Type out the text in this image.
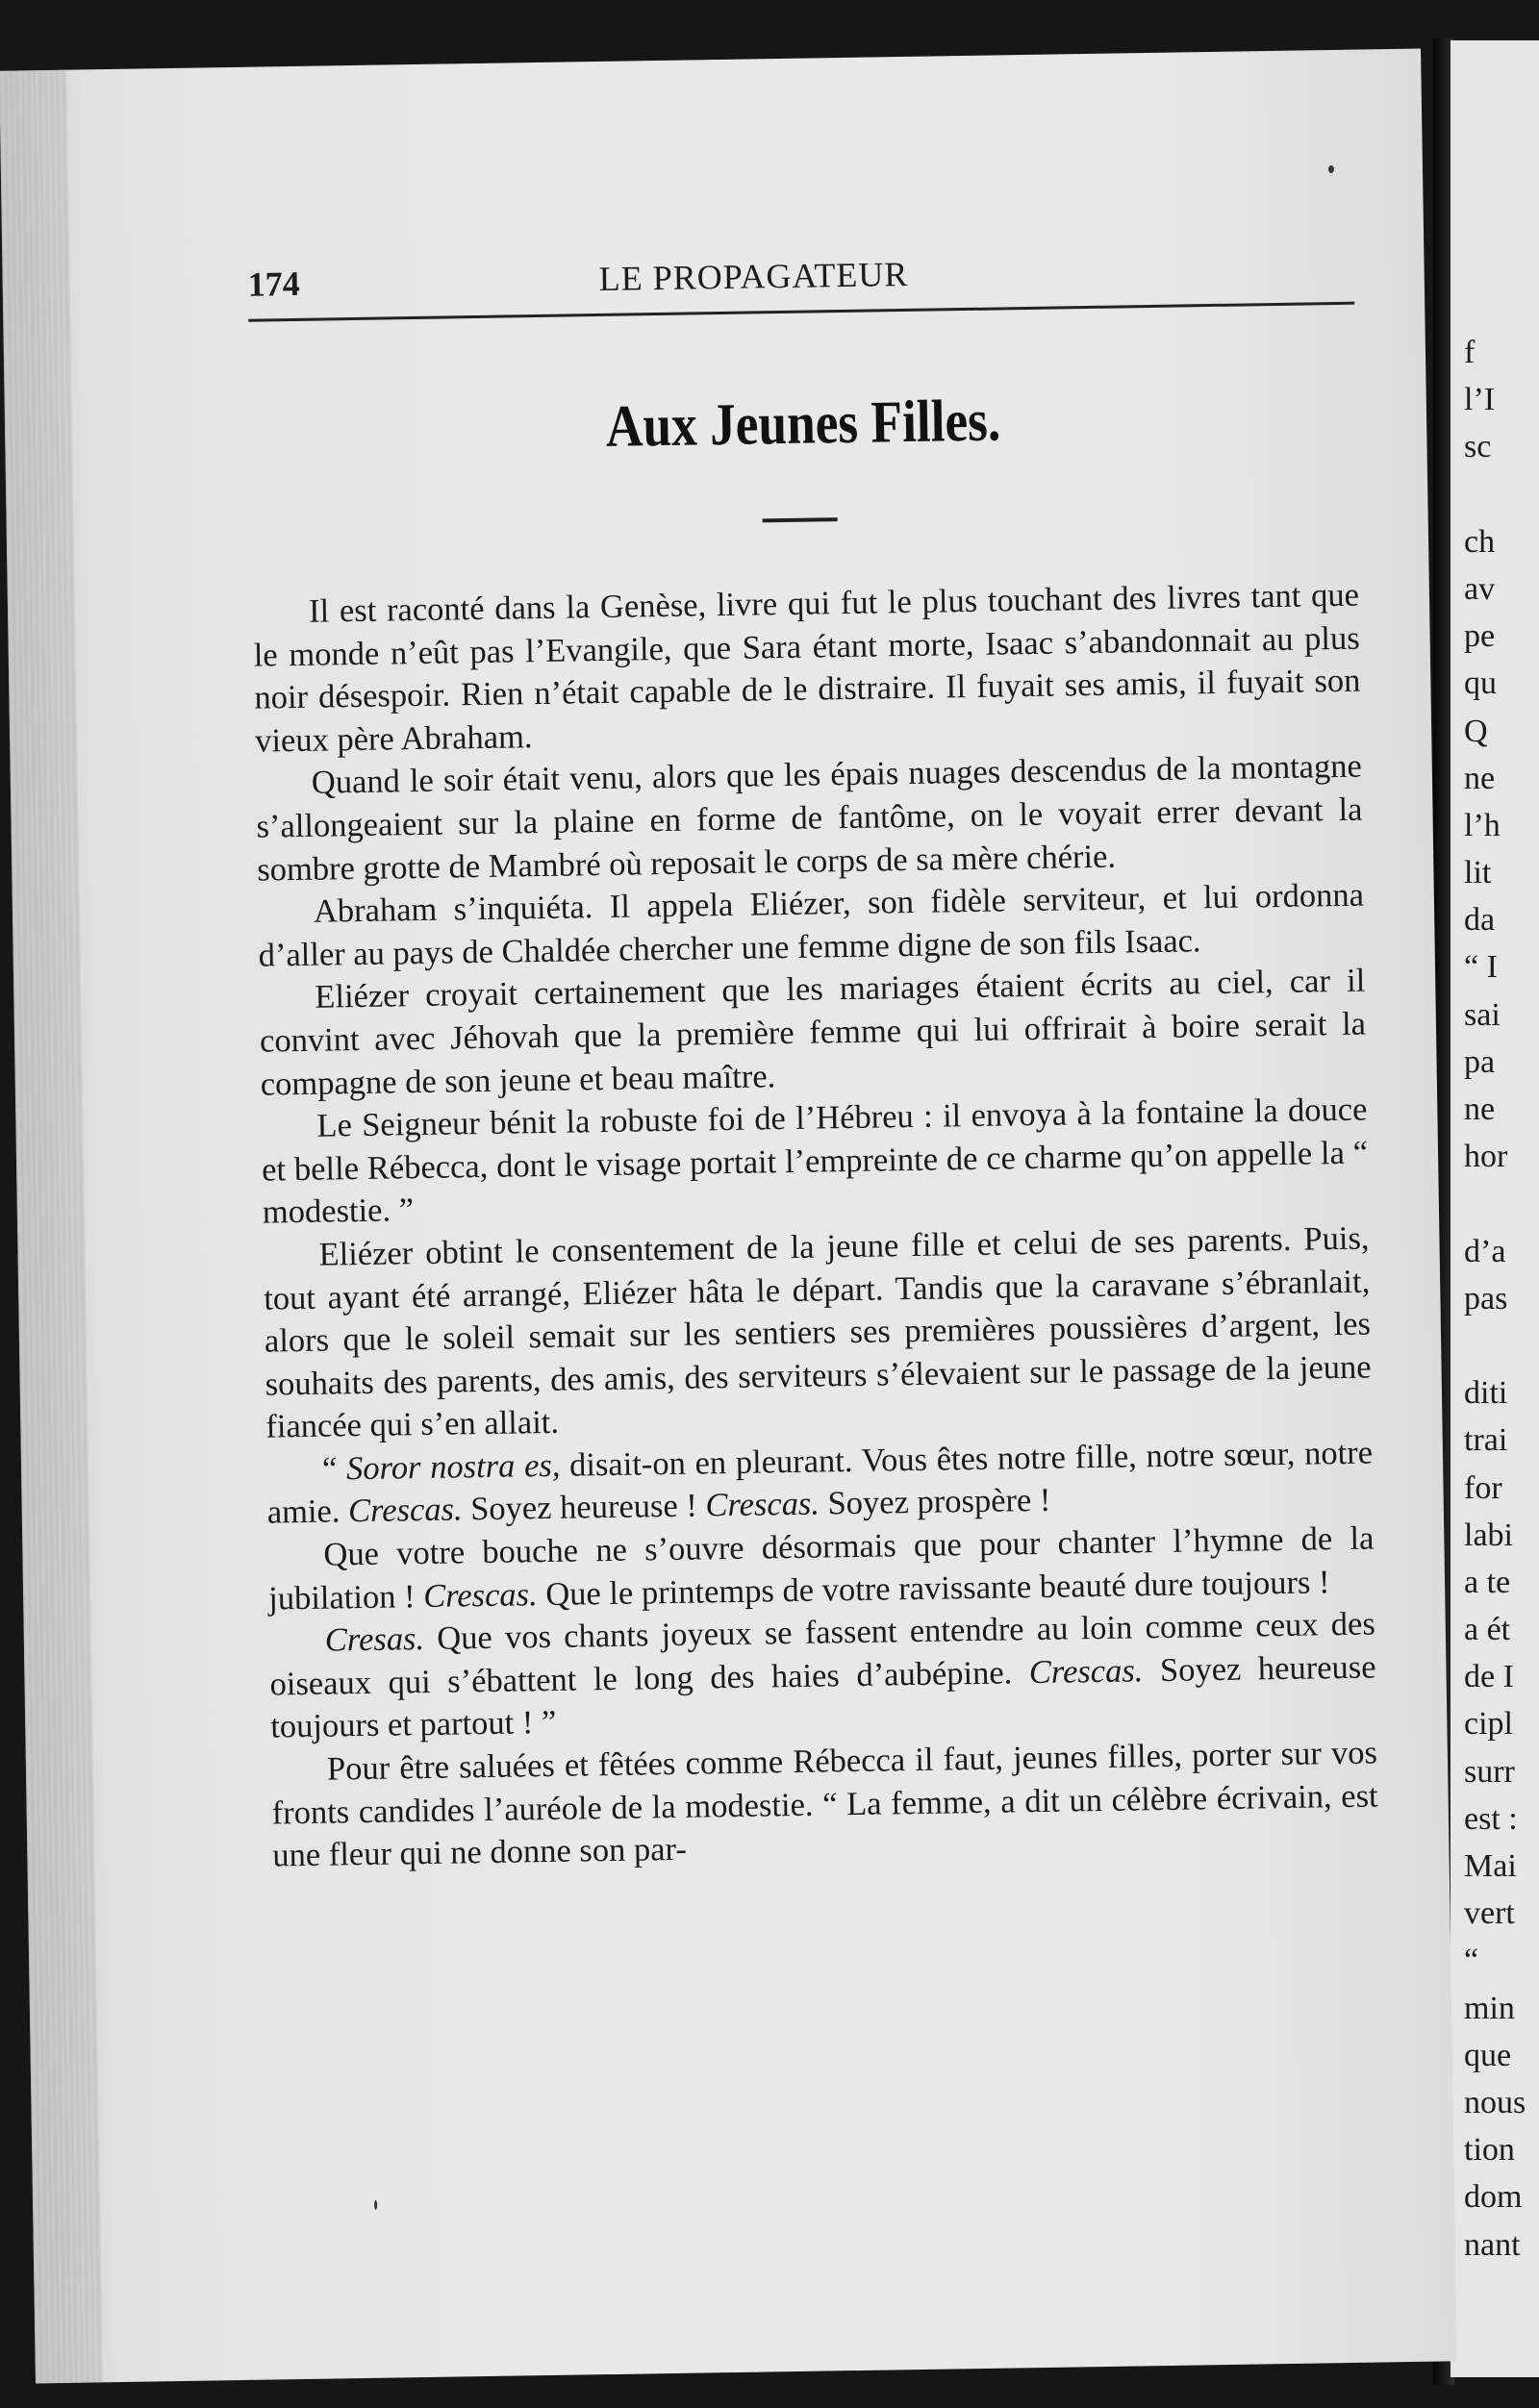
f
l’I
sc
ch
av
pe
qu
Q
ne
l’h
lit
da
“ I
sai
pa
ne
hor
d’a
pas
diti
trai
for
labi
a te
a ét
de I
cipl
surr
est :
Mai
vert
“
min
que
nous
tion
dom
nant
174	LE PROPAGATEUR
Aux Jeunes Filles.

Il est raconté dans la Genèse, livre qui fut le plus touchant des livres tant que le monde n’eût pas l’Evangile, que Sara étant morte, Isaac s’abandonnait au plus noir désespoir. Rien n’était capable de le distraire. Il fuyait ses amis, il fuyait son vieux père Abraham.

Quand le soir était venu, alors que les épais nuages descendus de la montagne s’allongeaient sur la plaine en forme de fantôme, on le voyait errer devant la sombre grotte de Mambré où reposait le corps de sa mère chérie.

Abraham s’inquiéta. Il appela Eliézer, son fidèle serviteur, et lui ordonna d’aller au pays de Chaldée chercher une femme digne de son fils Isaac.

Eliézer croyait certainement que les mariages étaient écrits au ciel, car il convint avec Jéhovah que la première femme qui lui offrirait à boire serait la compagne de son jeune et beau maître.

Le Seigneur bénit la robuste foi de l’Hébreu : il envoya à la fontaine la douce et belle Rébecca, dont le visage portait l’empreinte de ce charme qu’on appelle la “ modestie. ”

Eliézer obtint le consentement de la jeune fille et celui de ses parents. Puis, tout ayant été arrangé, Eliézer hâta le départ. Tandis que la caravane s’ébranlait, alors que le soleil semait sur les sentiers ses premières poussières d’argent, les souhaits des parents, des amis, des serviteurs s’élevaient sur le passage de la jeune fiancée qui s’en allait.

“ Soror nostra es, disait-on en pleurant. Vous êtes notre fille, notre sœur, notre amie. Crescas. Soyez heureuse ! Crescas. Soyez prospère !

Que votre bouche ne s’ouvre désormais que pour chanter l’hymne de la jubilation ! Crescas. Que le printemps de votre ravissante beauté dure toujours !

Cresas. Que vos chants joyeux se fassent entendre au loin comme ceux des oiseaux qui s’ébattent le long des haies d’aubépine. Crescas. Soyez heureuse toujours et partout ! ”

Pour être saluées et fêtées comme Rébecca il faut, jeunes filles, porter sur vos fronts candides l’auréole de la modestie. “ La femme, a dit un célèbre écrivain, est une fleur qui ne donne son par-
